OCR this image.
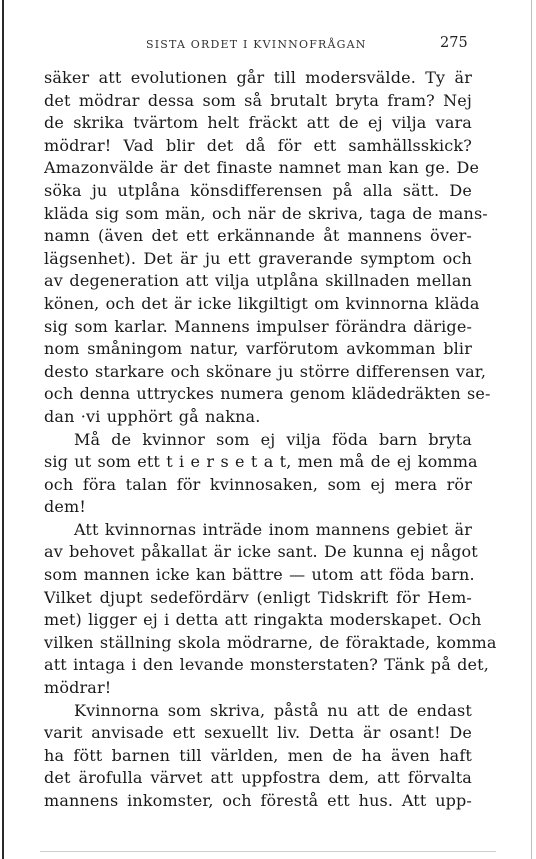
SISTA ORDET I KVINNOFRÅGAN	275
säker att evolutionen går till modersvälde. Ty är
det mödrar dessa som så brutalt bryta fram? Nej
de skrika tvärtom helt fräckt att de ej vilja vara
mödrar! Vad blir det då för ett samhällsskick?
Amazonvälde är det finaste namnet man kan ge. De
söka ju utplåna könsdifferensen på alla sätt. De
kläda sig som män, och när de skriva, taga de mans-
namn (även det ett erkännande åt mannens över-
lägsenhet). Det är ju ett graverande symptom och
av degeneration att vilja utplåna skillnaden mellan
könen, och det är icke likgiltigt om kvinnorna kläda
sig som karlar. Mannens impulser förändra därige-
nom småningom natur, varförutom avkomman blir
desto starkare och skönare ju större differensen var,
och denna uttryckes numera genom klädedräkten se-
dan ·vi upphört gå nakna.
Må de kvinnor som ej vilja föda barn bryta
sig ut som ett t i e r s e t a t, men må de ej komma
och föra talan för kvinnosaken, som ej mera rör
dem!
Att kvinnornas inträde inom mannens gebiet är
av behovet påkallat är icke sant. De kunna ej något
som mannen icke kan bättre — utom att föda barn.
Vilket djupt sedefördärv (enligt Tidskrift för Hem-
met) ligger ej i detta att ringakta moderskapet. Och
vilken ställning skola mödrarne, de föraktade, komma
att intaga i den levande monsterstaten? Tänk på det,
mödrar!
Kvinnorna som skriva, påstå nu att de endast
varit anvisade ett sexuellt liv. Detta är osant! De
ha fött barnen till världen, men de ha även haft
det ärofulla värvet att uppfostra dem, att förvalta
mannens inkomster, och förestå ett hus. Att upp-
